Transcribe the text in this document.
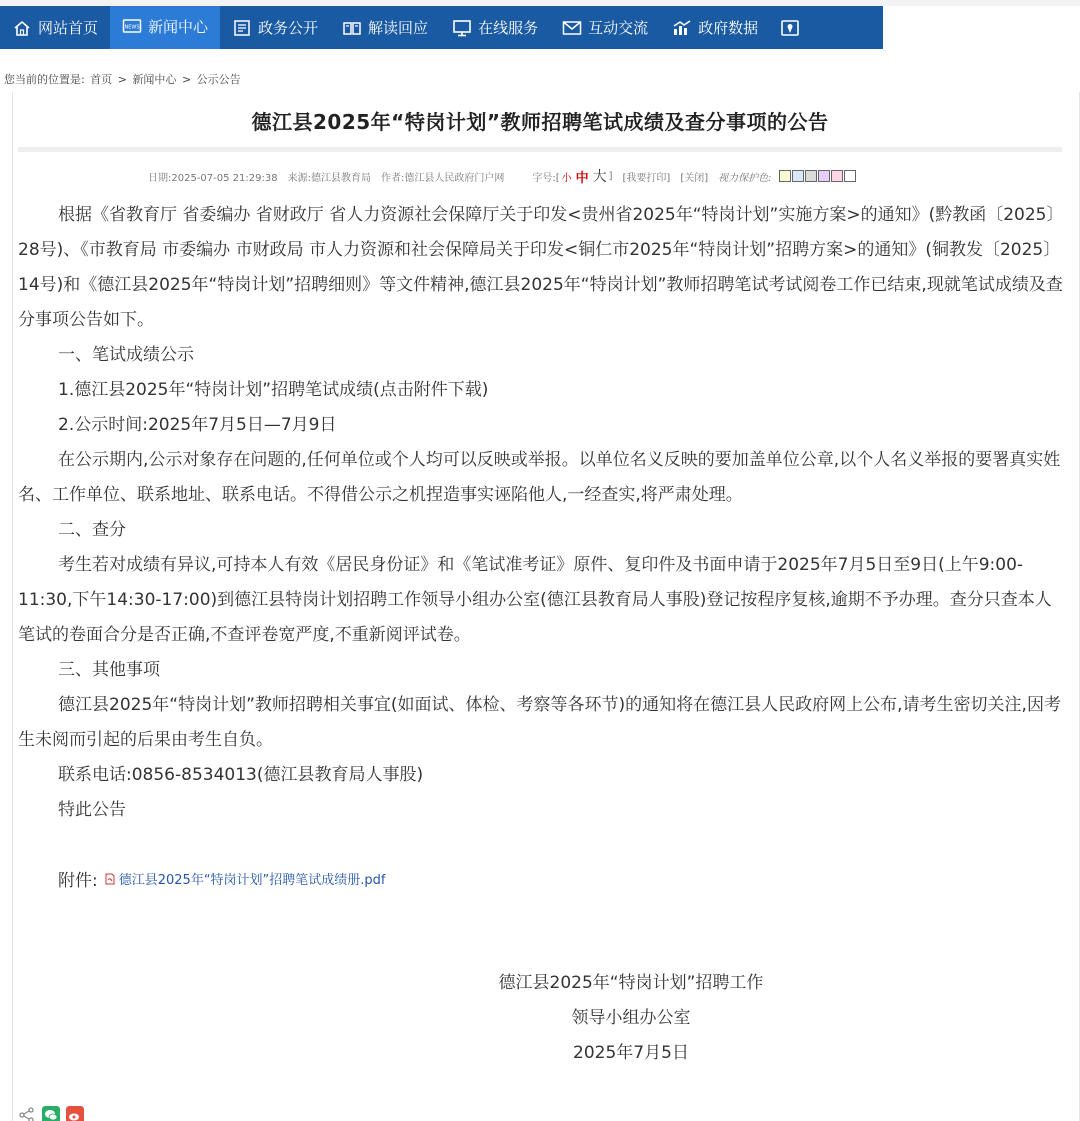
网站首页	NEWS 新闻中心	政务公开	解读回应	在线服务	互动交流	政府数据
您当前的位置是: 首页 > 新闻中心 > 公示公告
德江县2025年“特岗计划”教师招聘笔试成绩及查分事项的公告
日期:2025-07-05 21:29:38 来源:德江县教育局 作者:德江县人民政府门户网	字号:[ 小 中 大 ] [我要打印] [关闭] 视力保护色:

根据《省教育厅 省委编办 省财政厅 省人力资源社会保障厅关于印发<贵州省2025年“特岗计划”实施方案>的通知》(黔教函〔2025〕28号)、《市教育局 市委编办 市财政局 市人力资源和社会保障局关于印发<铜仁市2025年“特岗计划”招聘方案>的通知》(铜教发〔2025〕14号)和《德江县2025年“特岗计划”招聘细则》等文件精神,德江县2025年“特岗计划”教师招聘笔试考试阅卷工作已结束,现就笔试成绩及查分事项公告如下。

一、笔试成绩公示

1.德江县2025年“特岗计划”招聘笔试成绩(点击附件下载)

2.公示时间:2025年7月5日—7月9日

在公示期内,公示对象存在问题的,任何单位或个人均可以反映或举报。以单位名义反映的要加盖单位公章,以个人名义举报的要署真实姓名、工作单位、联系地址、联系电话。不得借公示之机捏造事实诬陷他人,一经查实,将严肃处理。

二、查分

考生若对成绩有异议,可持本人有效《居民身份证》和《笔试准考证》原件、复印件及书面申请于2025年7月5日至9日(上午9:00-11:30,下午14:30-17:00)到德江县特岗计划招聘工作领导小组办公室(德江县教育局人事股)登记按程序复核,逾期不予办理。查分只查本人笔试的卷面合分是否正确,不查评卷宽严度,不重新阅评试卷。

三、其他事项

德江县2025年“特岗计划”教师招聘相关事宜(如面试、体检、考察等各环节)的通知将在德江县人民政府网上公布,请考生密切关注,因考生未阅而引起的后果由考生自负。

联系电话:0856-8534013(德江县教育局人事股)

特此公告

附件: 德江县2025年“特岗计划”招聘笔试成绩册.pdf
德江县2025年“特岗计划”招聘工作
领导小组办公室
2025年7月5日
